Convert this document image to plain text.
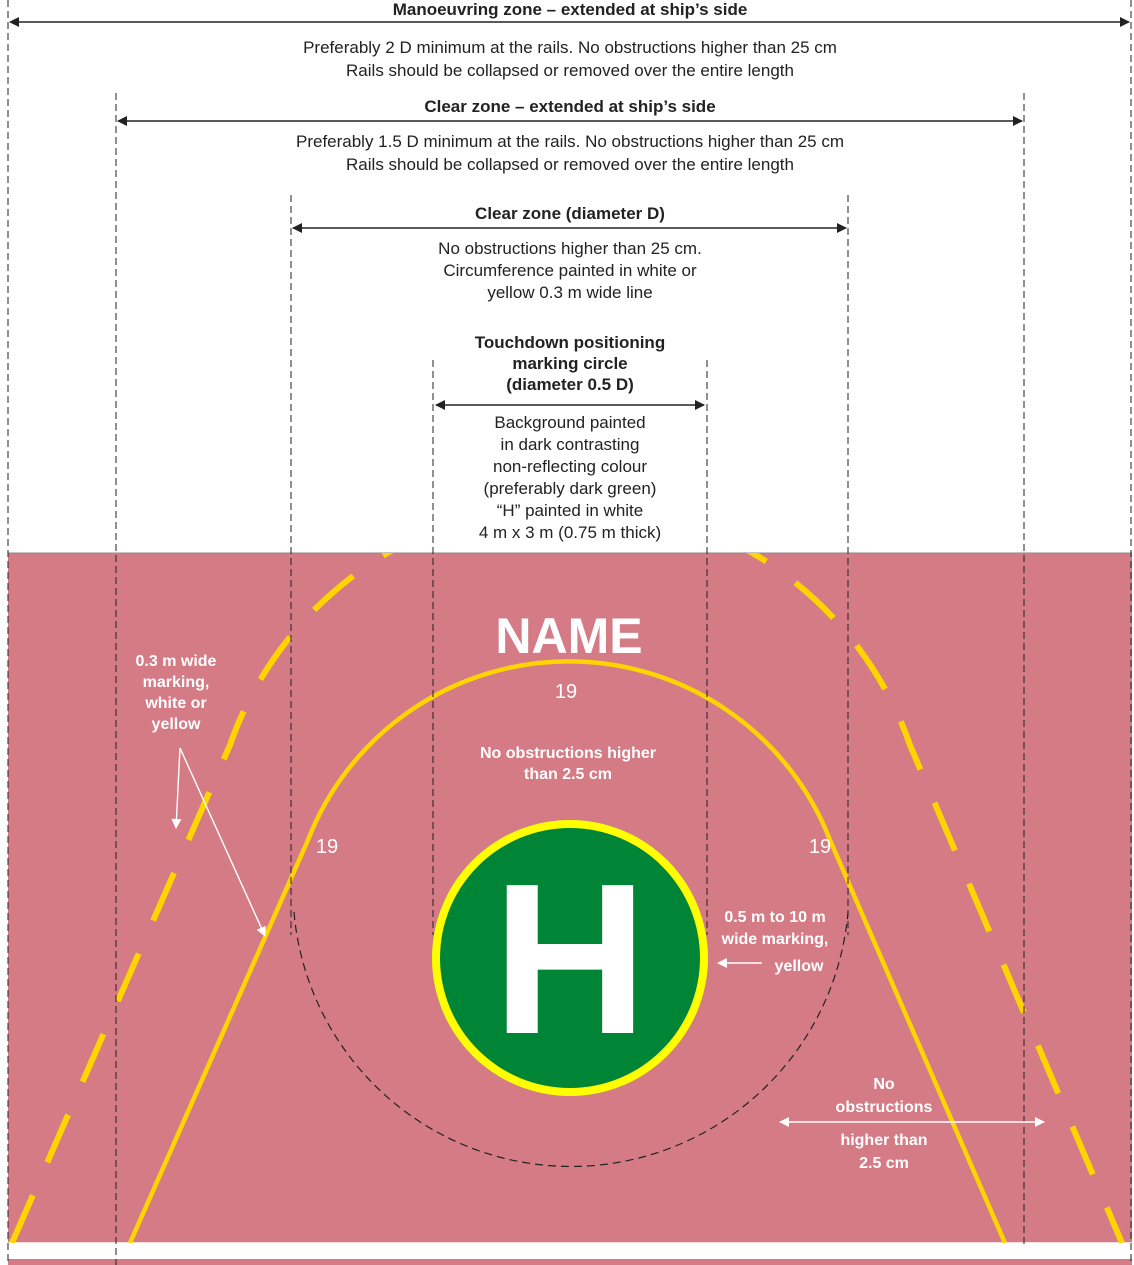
H
Manoeuvring zone – extended at ship’s side
Preferably 2 D minimum at the rails. No obstructions higher than 25 cm
Rails should be collapsed or removed over the entire length
Clear zone – extended at ship’s side
Preferably 1.5 D minimum at the rails. No obstructions higher than 25 cm
Rails should be collapsed or removed over the entire length
Clear zone (diameter D)
No obstructions higher than 25 cm.
Circumference painted in white or
yellow 0.3 m wide line
Touchdown positioning
marking circle
(diameter 0.5 D)
Background painted
in dark contrasting
non-reflecting colour
(preferably dark green)
“H” painted in white
4 m x 3 m (0.75 m thick)
NAME
19
19	19
No obstructions higher
than 2.5 cm
0.3 m wide
marking,
white or
yellow
0.5 m to 10 m
wide marking,
yellow
No
obstructions
higher than
2.5 cm
